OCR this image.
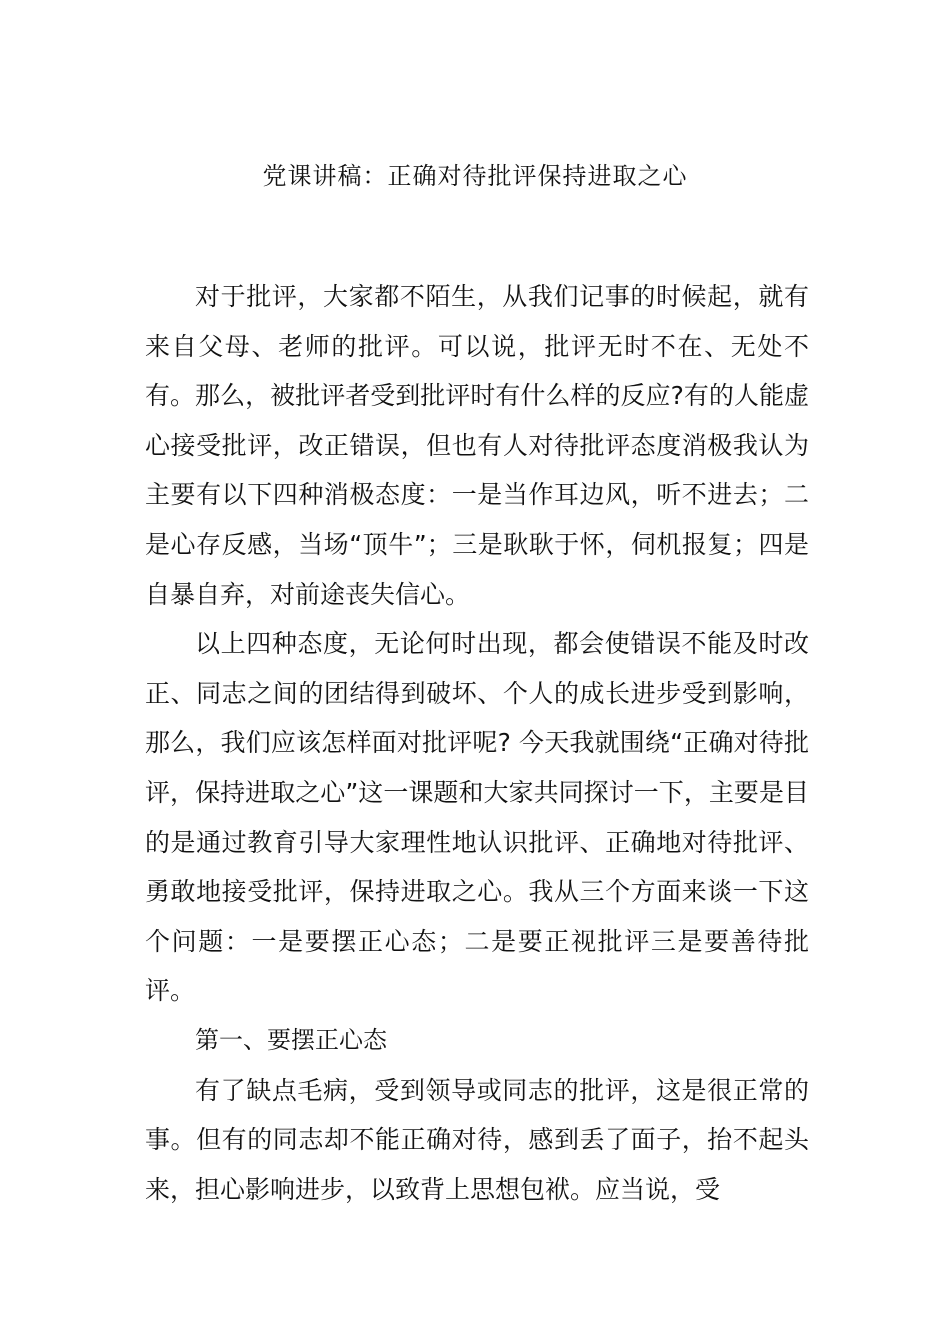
党课讲稿：正确对待批评保持进取之心

对于批评，大家都不陌生，从我们记事的时候起，就有来自父母、老师的批评。可以说，批评无时不在、无处不有。那么，被批评者受到批评时有什么样的反应?有的人能虚心接受批评，改正错误，但也有人对待批评态度消极我认为主要有以下四种消极态度：一是当作耳边风，听不进去；二是心存反感，当场“顶牛”；三是耿耿于怀，伺机报复；四是自暴自弃，对前途丧失信心。

以上四种态度，无论何时出现，都会使错误不能及时改正、同志之间的团结得到破坏、个人的成长进步受到影响，那么，我们应该怎样面对批评呢? 今天我就围绕“正确对待批评，保持进取之心”这一课题和大家共同探讨一下，主要是目的是通过教育引导大家理性地认识批评、正确地对待批评、勇敢地接受批评，保持进取之心。我从三个方面来谈一下这个问题：一是要摆正心态；二是要正视批评三是要善待批评。

第一、要摆正心态

有了缺点毛病，受到领导或同志的批评，这是很正常的事。但有的同志却不能正确对待，感到丢了面子，抬不起头来，担心影响进步，以致背上思想包袱。应当说，受
